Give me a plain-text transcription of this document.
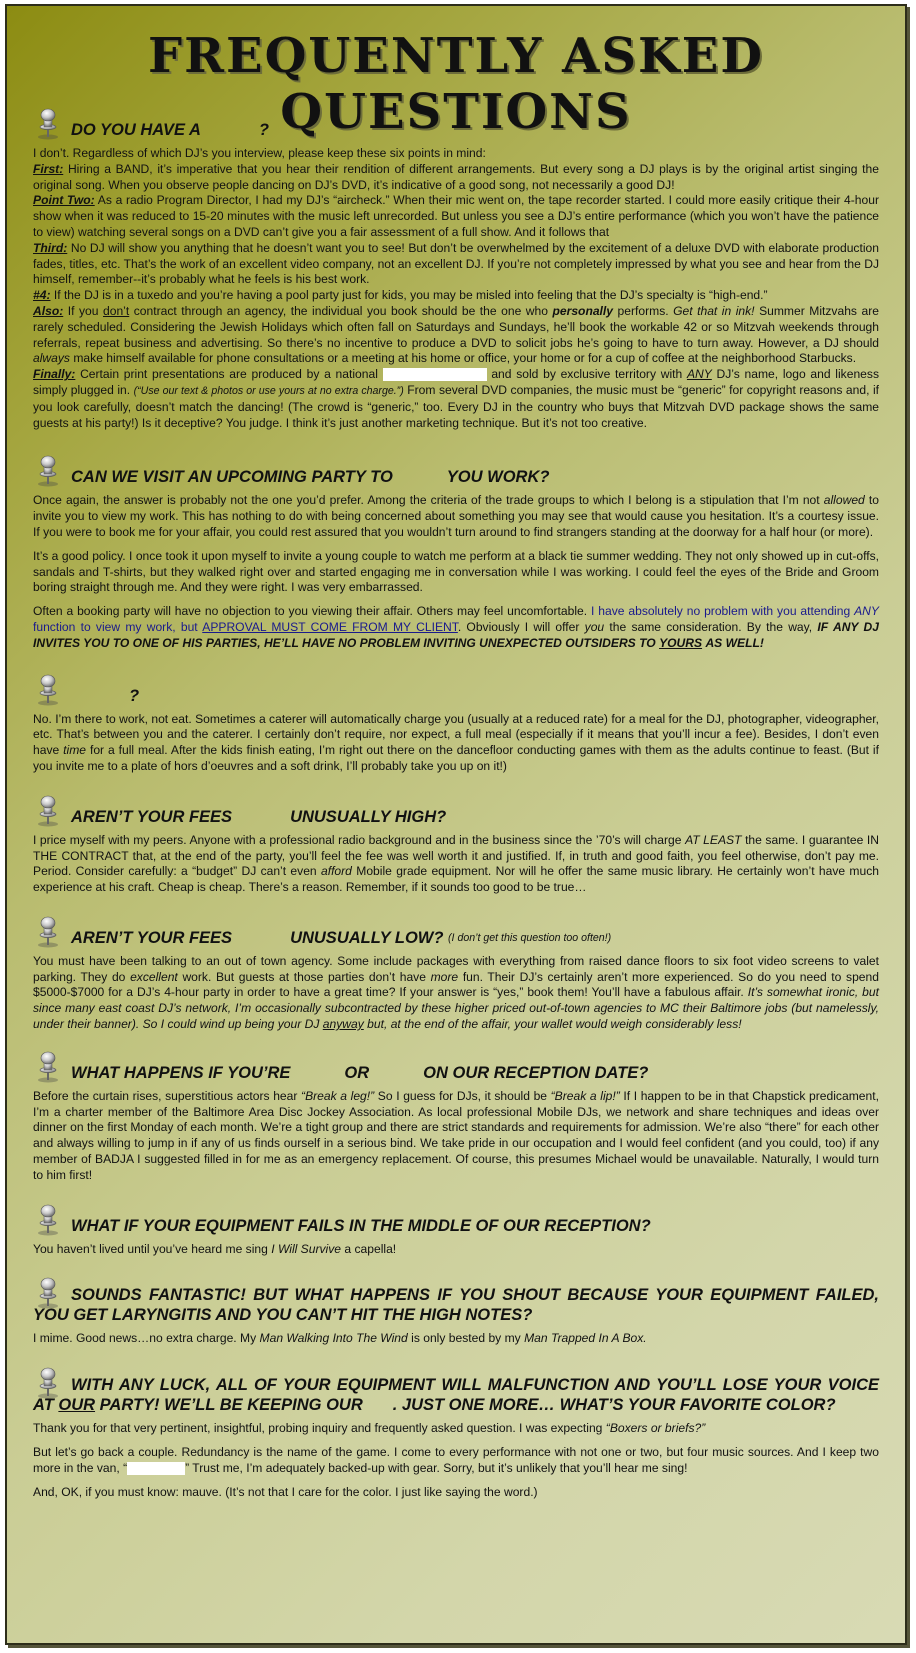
FREQUENTLY ASKED QUESTIONS
DO YOU HAVE A	?

I don’t. Regardless of which DJ’s you interview, please keep these six points in mind:

First: Hiring a BAND, it’s imperative that you hear their rendition of different arrangements. But every song a DJ plays is by the original artist singing the original song. When you observe people dancing on DJ’s DVD, it’s indicative of a good song, not necessarily a good DJ!

Point Two: As a radio Program Director, I had my DJ’s “aircheck.” When their mic went on, the tape recorder started. I could more easily critique their 4-hour show when it was reduced to 15-20 minutes with the music left unrecorded. But unless you see a DJ’s entire performance (which you won’t have the patience to view) watching several songs on a DVD can’t give you a fair assessment of a full show. And it follows that

Third: No DJ will show you anything that he doesn’t want you to see! But don’t be overwhelmed by the excitement of a deluxe DVD with elaborate production fades, titles, etc. That’s the work of an excellent video company, not an excellent DJ. If you’re not completely impressed by what you see and hear from the DJ himself, remember--it’s probably what he feels is his best work.

#4: If the DJ is in a tuxedo and you’re having a pool party just for kids, you may be misled into feeling that the DJ’s specialty is “high-end.”

Also: If you don’t contract through an agency, the individual you book should be the one who personally performs. Get that in ink! Summer Mitzvahs are rarely scheduled. Considering the Jewish Holidays which often fall on Saturdays and Sundays, he’ll book the workable 42 or so Mitzvah weekends through referrals, repeat business and advertising. So there’s no incentive to produce a DVD to solicit jobs he’s going to have to turn away. However, a DJ should always make himself available for phone consultations or a meeting at his home or office, your home or for a cup of coffee at the neighborhood Starbucks.

Finally: Certain print presentations are produced by a national	and sold by exclusive territory with ANY DJ’s name, logo and likeness simply plugged in. (“Use our text & photos or use yours at no extra charge.”) From several DVD companies, the music must be “generic” for copyright reasons and, if you look carefully, doesn’t match the dancing! (The crowd is “generic,” too. Every DJ in the country who buys that Mitzvah DVD package shows the same guests at his party!) Is it deceptive? You judge. I think it’s just another marketing technique. But it’s not too creative.

CAN WE VISIT AN UPCOMING PARTY TO	YOU WORK?

Once again, the answer is probably not the one you’d prefer. Among the criteria of the trade groups to which I belong is a stipulation that I’m not allowed to invite you to view my work. This has nothing to do with being concerned about something you may see that would cause you hesitation. It’s a courtesy issue. If you were to book me for your affair, you could rest assured that you wouldn’t turn around to find strangers standing at the doorway for a half hour (or more).

It’s a good policy. I once took it upon myself to invite a young couple to watch me perform at a black tie summer wedding. They not only showed up in cut-offs, sandals and T-shirts, but they walked right over and started engaging me in conversation while I was working. I could feel the eyes of the Bride and Groom boring straight through me. And they were right. I was very embarrassed.

Often a booking party will have no objection to you viewing their affair. Others may feel uncomfortable. I have absolutely no problem with you attending ANY function to view my work, but APPROVAL MUST COME FROM MY CLIENT. Obviously I will offer you the same consideration. By the way, IF ANY DJ INVITES YOU TO ONE OF HIS PARTIES, HE’LL HAVE NO PROBLEM INVITING UNEXPECTED OUTSIDERS TO YOURS AS WELL!

?

No. I’m there to work, not eat. Sometimes a caterer will automatically charge you (usually at a reduced rate) for a meal for the DJ, photographer, videographer, etc. That’s between you and the caterer. I certainly don’t require, nor expect, a full meal (especially if it means that you’ll incur a fee). Besides, I don’t even have time for a full meal. After the kids finish eating, I’m right out there on the dancefloor conducting games with them as the adults continue to feast. (But if you invite me to a plate of hors d’oeuvres and a soft drink, I’ll probably take you up on it!)

AREN’T YOUR FEES	UNUSUALLY HIGH?

I price myself with my peers. Anyone with a professional radio background and in the business since the ’70’s will charge AT LEAST the same. I guarantee IN THE CONTRACT that, at the end of the party, you’ll feel the fee was well worth it and justified. If, in truth and good faith, you feel otherwise, don’t pay me. Period. Consider carefully: a “budget” DJ can’t even afford Mobile grade equipment. Nor will he offer the same music library. He certainly won’t have much experience at his craft. Cheap is cheap. There’s a reason. Remember, if it sounds too good to be true…

AREN’T YOUR FEES	UNUSUALLY LOW?
(I don’t get this question too often!)

You must have been talking to an out of town agency. Some include packages with everything from raised dance floors to six foot video screens to valet parking. They do excellent work. But guests at those parties don’t have more fun. Their DJ’s certainly aren’t more experienced. So do you need to spend $5000-$7000 for a DJ’s 4-hour party in order to have a great time? If your answer is “yes,” book them! You’ll have a fabulous affair. It’s somewhat ironic, but since many east coast DJ’s network, I’m occasionally subcontracted by these higher priced out-of-town agencies to MC their Baltimore jobs (but namelessly, under their banner). So I could wind up being your DJ anyway but, at the end of the affair, your wallet would weigh considerably less!

WHAT HAPPENS IF YOU’RE	OR	ON OUR RECEPTION DATE?

Before the curtain rises, superstitious actors hear “Break a leg!” So I guess for DJs, it should be “Break a lip!” If I happen to be in that Chapstick predicament, I’m a charter member of the Baltimore Area Disc Jockey Association. As local professional Mobile DJs, we network and share techniques and ideas over dinner on the first Monday of each month. We’re a tight group and there are strict standards and requirements for admission. We’re also “there” for each other and always willing to jump in if any of us finds ourself in a serious bind. We take pride in our occupation and I would feel confident (and you could, too) if any member of BADJA I suggested filled in for me as an emergency replacement. Of course, this presumes Michael would be unavailable. Naturally, I would turn to him first!

WHAT IF YOUR EQUIPMENT FAILS IN THE MIDDLE OF OUR RECEPTION?

You haven’t lived until you’ve heard me sing I Will Survive a capella!

SOUNDS FANTASTIC! BUT WHAT HAPPENS IF YOU SHOUT BECAUSE YOUR EQUIPMENT FAILED, YOU GET LARYNGITIS AND YOU CAN’T HIT THE HIGH NOTES?

I mime. Good news…no extra charge. My Man Walking Into The Wind is only bested by my Man Trapped In A Box.

WITH ANY LUCK, ALL OF YOUR EQUIPMENT WILL MALFUNCTION AND YOU’LL LOSE YOUR VOICE AT OUR PARTY! WE’LL BE KEEPING OUR . JUST ONE MORE… WHAT’S YOUR FAVORITE COLOR?

Thank you for that very pertinent, insightful, probing inquiry and frequently asked question. I was expecting “Boxers or briefs?”

But let’s go back a couple. Redundancy is the name of the game. I come to every performance with not one or two, but four music sources. And I keep two more in the van, “	” Trust me, I’m adequately backed-up with gear. Sorry, but it’s unlikely that you’ll hear me sing!

And, OK, if you must know: mauve. (It’s not that I care for the color. I just like saying the word.)
